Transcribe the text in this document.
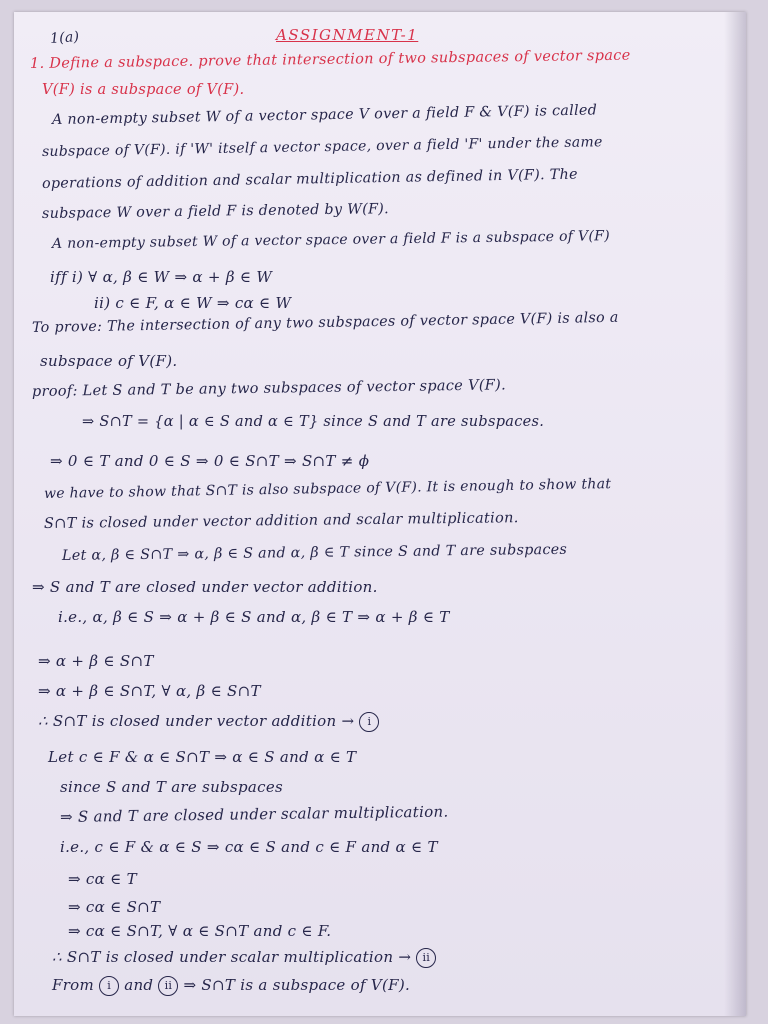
1(a)	ASSIGNMENT-1
1. Define a subspace. prove that intersection of two subspaces of vector space
V(F) is a subspace of V(F).
A non-empty subset W of a vector space V over a field F & V(F) is called
subspace of V(F). if 'W' itself a vector space, over a field 'F' under the same
operations of addition and scalar multiplication as defined in V(F). The
subspace W over a field F is denoted by W(F).
A non-empty subset W of a vector space over a field F is a subspace of V(F)
iff i) ∀ α, β ∈ W ⇒ α + β ∈ W
ii) c ∈ F, α ∈ W ⇒ cα ∈ W
To prove: The intersection of any two subspaces of vector space V(F) is also a
subspace of V(F).
proof: Let S and T be any two subspaces of vector space V(F).
⇒ S∩T = {α | α ∈ S and α ∈ T} since S and T are subspaces.
⇒ 0 ∈ T and 0 ∈ S ⇒ 0 ∈ S∩T ⇒ S∩T ≠ ϕ
we have to show that S∩T is also subspace of V(F). It is enough to show that
S∩T is closed under vector addition and scalar multiplication.
Let α, β ∈ S∩T ⇒ α, β ∈ S and α, β ∈ T since S and T are subspaces
⇒ S and T are closed under vector addition.
i.e., α, β ∈ S ⇒ α + β ∈ S and α, β ∈ T ⇒ α + β ∈ T
⇒ α + β ∈ S∩T
⇒ α + β ∈ S∩T, ∀ α, β ∈ S∩T
∴ S∩T is closed under vector addition → i
Let c ∈ F & α ∈ S∩T ⇒ α ∈ S and α ∈ T
since S and T are subspaces
⇒ S and T are closed under scalar multiplication.
i.e., c ∈ F & α ∈ S ⇒ cα ∈ S and c ∈ F and α ∈ T
⇒ cα ∈ T
⇒ cα ∈ S∩T
⇒ cα ∈ S∩T, ∀ α ∈ S∩T and c ∈ F.
∴ S∩T is closed under scalar multiplication → ii
From i and ii ⇒ S∩T is a subspace of V(F).
